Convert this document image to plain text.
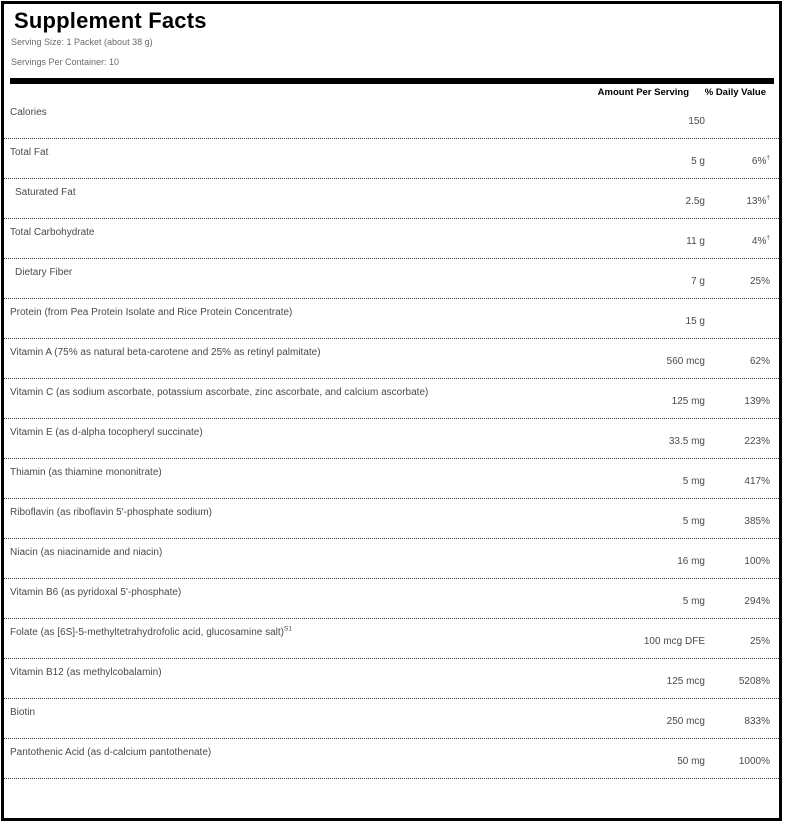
Supplement Facts
Serving Size: 1 Packet (about 38 g)
Servings Per Container: 10
Amount Per Serving % Daily Value
Calories
150
Total Fat
5 g	6%†
Saturated Fat
2.5g	13%†
Total Carbohydrate
11 g	4%†
Dietary Fiber
7 g	25%
Protein (from Pea Protein Isolate and Rice Protein Concentrate)
15 g
Vitamin A (75% as natural beta-carotene and 25% as retinyl palmitate)
560 mcg	62%
Vitamin C (as sodium ascorbate, potassium ascorbate, zinc ascorbate, and calcium ascorbate)
125 mg	139%
Vitamin E (as d-alpha tocopheryl succinate)
33.5 mg	223%
Thiamin (as thiamine mononitrate)
5 mg	417%
Riboflavin (as riboflavin 5'-phosphate sodium)
5 mg	385%
Niacin (as niacinamide and niacin)
16 mg	100%
Vitamin B6 (as pyridoxal 5'-phosphate)
5 mg	294%
Folate (as [6S]-5-methyltetrahydrofolic acid, glucosamine salt)$^{S1}$
100 mcg DFE	25%
Vitamin B12 (as methylcobalamin)
125 mcg	5208%
Biotin
250 mcg	833%
Pantothenic Acid (as d-calcium pantothenate)
50 mg	1000%
